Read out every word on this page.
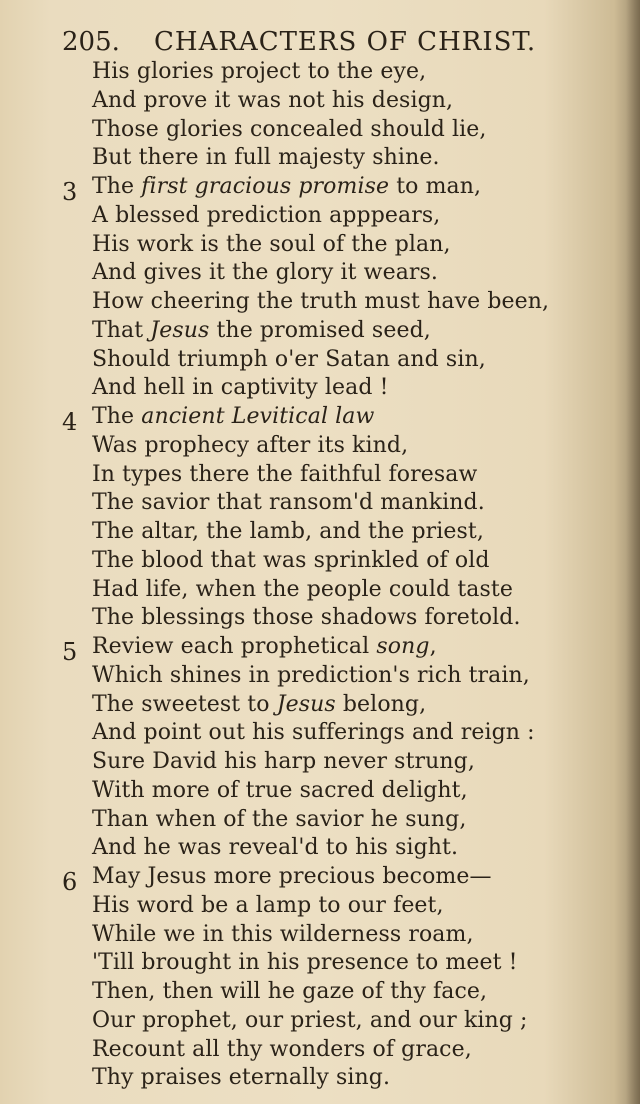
205. CHARACTERS OF CHRIST.
His glories project to the eye,
And prove it was not his design,
Those glories concealed should lie,
But there in full majesty shine.
The first gracious promise to man,
A blessed prediction apppears,
His work is the soul of the plan,
And gives it the glory it wears.
How cheering the truth must have been,
That Jesus the promised seed,
Should triumph o'er Satan and sin,
And hell in captivity lead !
The ancient Levitical law
Was prophecy after its kind,
In types there the faithful foresaw
The savior that ransom'd mankind.
The altar, the lamb, and the priest,
The blood that was sprinkled of old
Had life, when the people could taste
The blessings those shadows foretold.
Review each prophetical song,
Which shines in prediction's rich train,
The sweetest to Jesus belong,
And point out his sufferings and reign :
Sure David his harp never strung,
With more of true sacred delight,
Than when of the savior he sung,
And he was reveal'd to his sight.
May Jesus more precious become—
His word be a lamp to our feet,
While we in this wilderness roam,
'Till brought in his presence to meet !
Then, then will he gaze of thy face,
Our prophet, our priest, and our king ;
Recount all thy wonders of grace,
Thy praises eternally sing.
3
4
5
6
